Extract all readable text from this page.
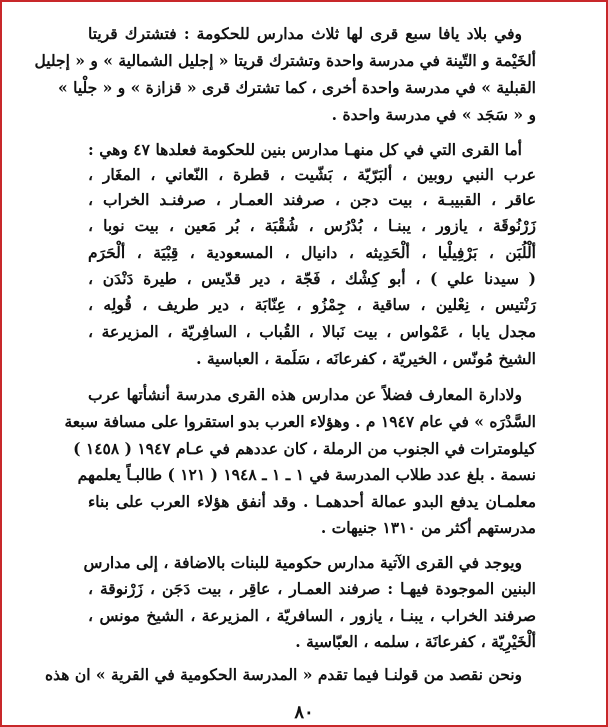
وفي بلاد يافا سبع قرى لها ثلاث مدارس للحكومة : فتشترك قريتا
ألخَيْمة و التّينة في مدرسة واحدة وتشترك قريتا « إجليل الشمالية » و « إجليل
القبلية » في مدرسة واحدة أخرى ، كما تشترك قرى « قزازة » و « جلْيا »
و « سَجَد » في مدرسة واحدة .
أما القرى التي في كل منهـا مدارس بنين للحكومة فعلدها ٤٧ وهي :
عرب النبي روبين ، ألبَرّيّة ، بَشّيت ، قطرة ، النّعاني ، المغَار ،
عاقر ، القبيبـة ، بيت دجن ، صرفند العمـار ، صرفنـد الخراب ،
زَرْنُوقَة ، يازور ، يبنـا ، بُدْرُس ، شُقْبَة ، بُر مَعين ، بيت نوبا ،
ألْلُبَن ، بَرْفِيلْيا ، ألْحَدِيثه ، دانيال ، المسعودية ، قِبْيَة ، ألْحَرَم
( سيدنا علي ) ، أبو كِشْك ، فَجّة ، دير قدّيس ، طيرة دَنْدَن ،
رَنْتيس ، نِعْلين ، ساقية ، جِمْزُو ، عِنّابَة ، دير طريف ، قُولِه ،
مجدل يابا ، عَمْواس ، بيت نَبالا ، القُباب ، السافِريّة ، المزيرعة ،
الشيخ مُونّس ، الخيريّة ، كفرعانَه ، سَلَمة ، العباسية .
ولادارة المعارف فضلاً عن مدارس هذه القرى مدرسة أنشأتها عرب
السَّدْرَه » في عام ١٩٤٧ م . وهؤلاء العرب بدو استقروا على مسافة سبعة
كيلومترات في الجنوب من الرملة ، كان عددهم في عـام ١٩٤٧ ( ١٤٥٨ )
نسمة . بلغ عدد طلاب المدرسة في ١ ـ ١ ـ ١٩٤٨ ( ١٢١ ) طالبـاً يعلمهم
معلمـان يدفع البدو عمالة أحدهمـا . وقد أنفق هؤلاء العرب على بناء
مدرستهم أكثر من ١٣١٠ جنيهات .
ويوجد في القرى الآتية مدارس حكومية للبنات بالاضافة ، إلى مدارس
البنين الموجودة فيهـا : صرفند العمـار ، عاقِر ، بيت دَجَن ، زَرْنوقة ،
صرفند الخراب ، يبنـا ، يازور ، السافريّة ، المزيرعة ، الشيخ مونس ،
ألْخَيْرِيّة ، كفرعانَة ، سلمه ، العبّاسية .
ونحن نقصد من قولنـا فيما تقدم « المدرسة الحكومية في القرية » ان هذه
٨٠
